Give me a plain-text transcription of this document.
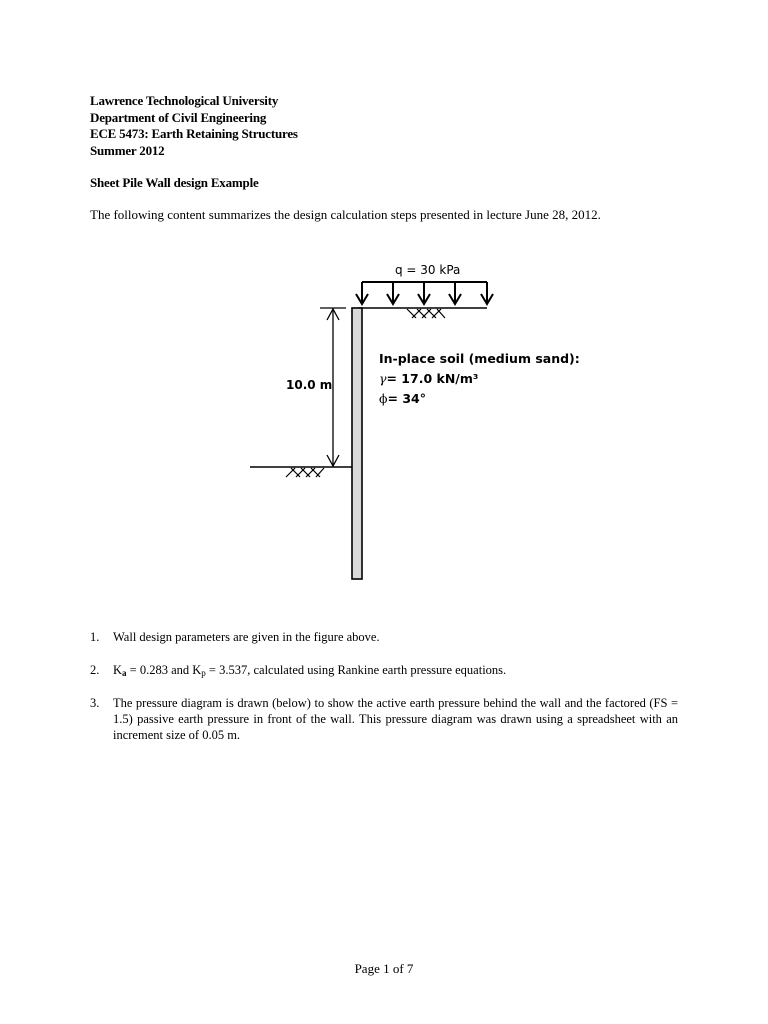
Lawrence Technological University
Department of Civil Engineering
ECE 5473: Earth Retaining Structures
Summer 2012
Sheet Pile Wall design Example
The following content summarizes the design calculation steps presented in lecture June 28, 2012.
q = 30 kPa
10.0 m
In-place soil (medium sand):
γ= 17.0 kN/m³
ϕ= 34°
1. Wall design parameters are given in the figure above.
2. $K_a = 0.283$ and $K_p = 3.537$, calculated using Rankine earth pressure equations.
3. The pressure diagram is drawn (below) to show the active earth pressure behind the wall and the factored (FS = 1.5) passive earth pressure in front of the wall. This pressure diagram was drawn using a spreadsheet with an increment size of 0.05 m.
Page 1 of 7
